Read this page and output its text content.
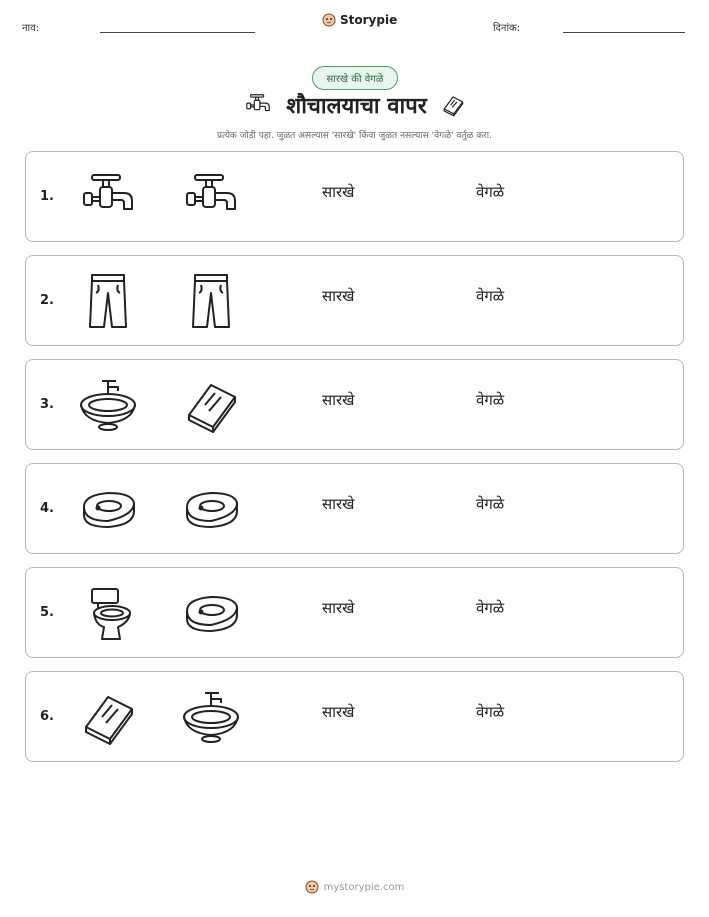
नाव:
Storypie
दिनांक:
सारखे की वेगळे
शौचालयाचा वापर
प्रत्येक जोडी पहा. जुळत असल्यास 'सारखे' किंवा जुळत नसल्यास 'वेगळे' वर्तुळ करा.
1.	सारखे	वेगळे
2.	सारखे	वेगळे
3.	सारखे	वेगळे
4.	सारखे	वेगळे
5.	सारखे	वेगळे
6.	सारखे	वेगळे
mystorypie.com
